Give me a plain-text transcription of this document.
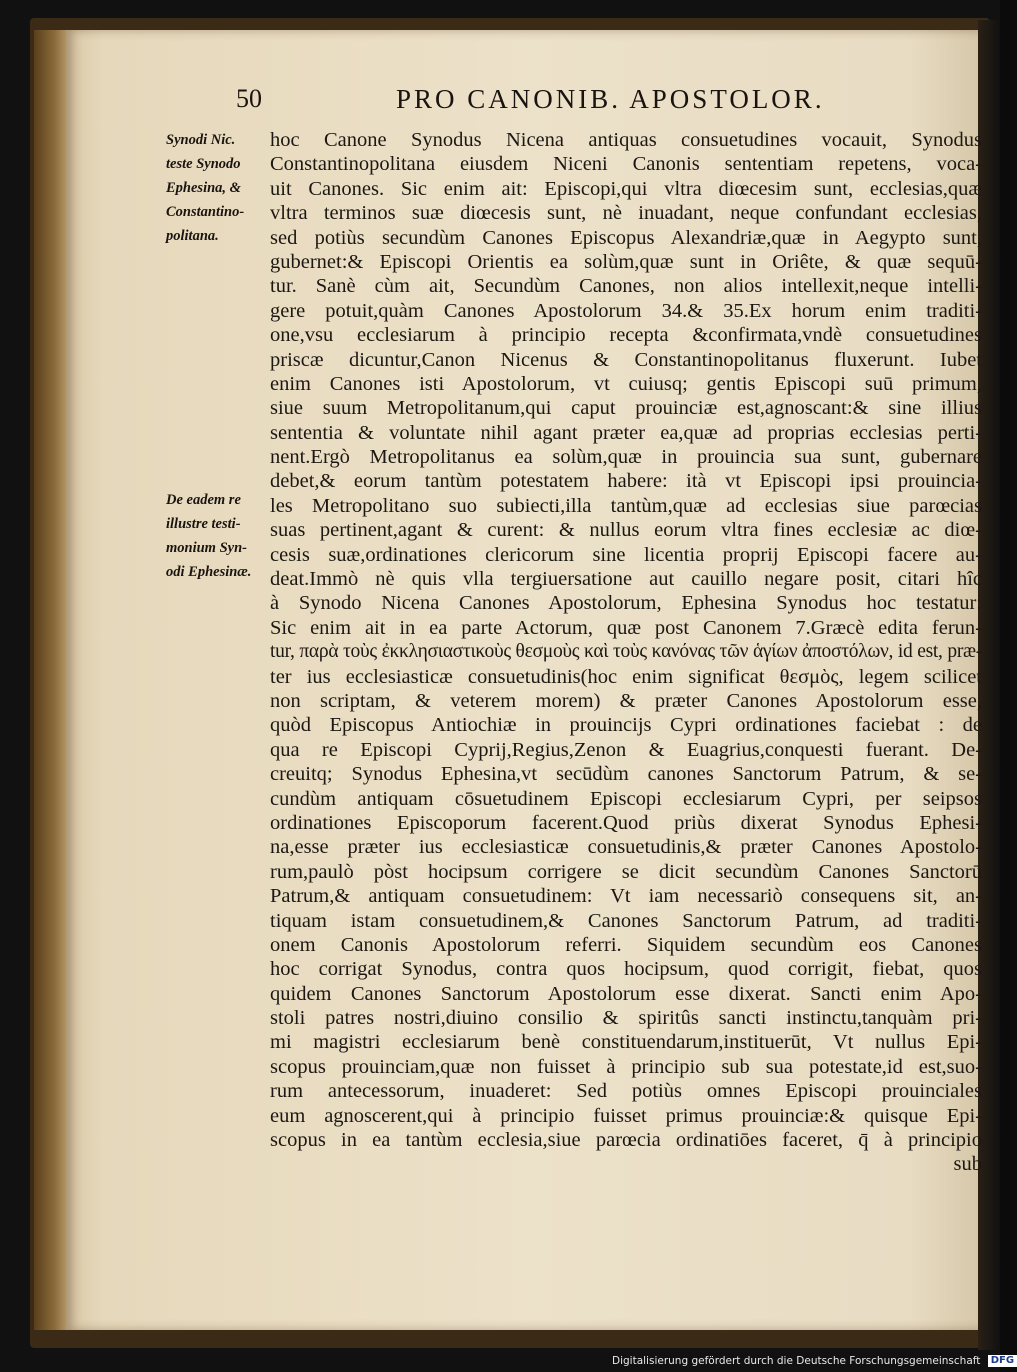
50	PRO CANONIB. APOSTOLOR.
Synodi Nic.
teste Synodo
Ephesina, &
Constantino-
politana.
De eadem re
illustre testi-
monium Syn-
odi Ephesinæ.
hoc Canone Synodus Nicena antiquas consuetudines vocauit, Synodus
Constantinopolitana eiusdem Niceni Canonis sententiam repetens, voca-
uit Canones. Sic enim ait: Episcopi,qui vltra diœcesim sunt, ecclesias,quæ
vltra terminos suæ diœcesis sunt, nè inuadant, neque confundant ecclesias,
sed potiùs secundùm Canones Episcopus Alexandriæ,quæ in Aegypto sunt,
gubernet:& Episcopi Orientis ea solùm,quæ sunt in Oriête, & quæ sequū-
tur. Sanè cùm ait, Secundùm Canones, non alios intellexit,neque intelli-
gere potuit,quàm Canones Apostolorum 34.& 35.Ex horum enim traditi-
one,vsu ecclesiarum à principio recepta &confirmata,vndè consuetudines
priscæ dicuntur,Canon Nicenus & Constantinopolitanus fluxerunt. Iubet
enim Canones isti Apostolorum, vt cuiusq; gentis Episcopi suū primum,
siue suum Metropolitanum,qui caput prouinciæ est,agnoscant:& sine illius
sententia & voluntate nihil agant præter ea,quæ ad proprias ecclesias perti-
nent.Ergò Metropolitanus ea solùm,quæ in prouincia sua sunt, gubernare
debet,& eorum tantùm potestatem habere: ità vt Episcopi ipsi prouincia-
les Metropolitano suo subiecti,illa tantùm,quæ ad ecclesias siue parœcias
suas pertinent,agant & curent: & nullus eorum vltra fines ecclesiæ ac diœ-
cesis suæ,ordinationes clericorum sine licentia proprij Episcopi facere au-
deat.Immò nè quis vlla tergiuersatione aut cauillo negare posit, citari hîc
à Synodo Nicena Canones Apostolorum, Ephesina Synodus hoc testatur:
Sic enim ait in ea parte Actorum, quæ post Canonem 7.Græcè edita ferun-
tur, παρὰ τοὺς ἐκκλησιαστικοὺς θεσμοὺς καὶ τοὺς κανόνας τῶν ἁγίων ἀποστόλων, id est, præ-
ter ius ecclesiasticæ consuetudinis(hoc enim significat θεσμὸς, legem scilicet
non scriptam, & veterem morem) & præter Canones Apostolorum esse,
quòd Episcopus Antiochiæ in prouincijs Cypri ordinationes faciebat : de
qua re Episcopi Cyprij,Regius,Zenon & Euagrius,conquesti fuerant. De-
creuitq; Synodus Ephesina,vt secūdùm canones Sanctorum Patrum, & se-
cundùm antiquam cōsuetudinem Episcopi ecclesiarum Cypri, per seipsos
ordinationes Episcoporum facerent.Quod priùs dixerat Synodus Ephesi-
na,esse præter ius ecclesiasticæ consuetudinis,& præter Canones Apostolo-
rum,paulò pòst hocipsum corrigere se dicit secundùm Canones Sanctorū
Patrum,& antiquam consuetudinem: Vt iam necessariò consequens sit, an-
tiquam istam consuetudinem,& Canones Sanctorum Patrum, ad traditi-
onem Canonis Apostolorum referri. Siquidem secundùm eos Canones
hoc corrigat Synodus, contra quos hocipsum, quod corrigit, fiebat, quos
quidem Canones Sanctorum Apostolorum esse dixerat. Sancti enim Apo-
stoli patres nostri,diuino consilio & spiritûs sancti instinctu,tanquàm pri-
mi magistri ecclesiarum benè constituendarum,instituerūt, Vt nullus Epi-
scopus prouinciam,quæ non fuisset à principio sub sua potestate,id est,suo-
rum antecessorum, inuaderet: Sed potiùs omnes Episcopi prouinciales
eum agnoscerent,qui à principio fuisset primus prouinciæ:& quisque Epi-
scopus in ea tantùm ecclesia,siue parœcia ordinatiōes faceret, q̄ à principio
sub
Digitalisierung gefördert durch die Deutsche Forschungsgemeinschaft DFG
